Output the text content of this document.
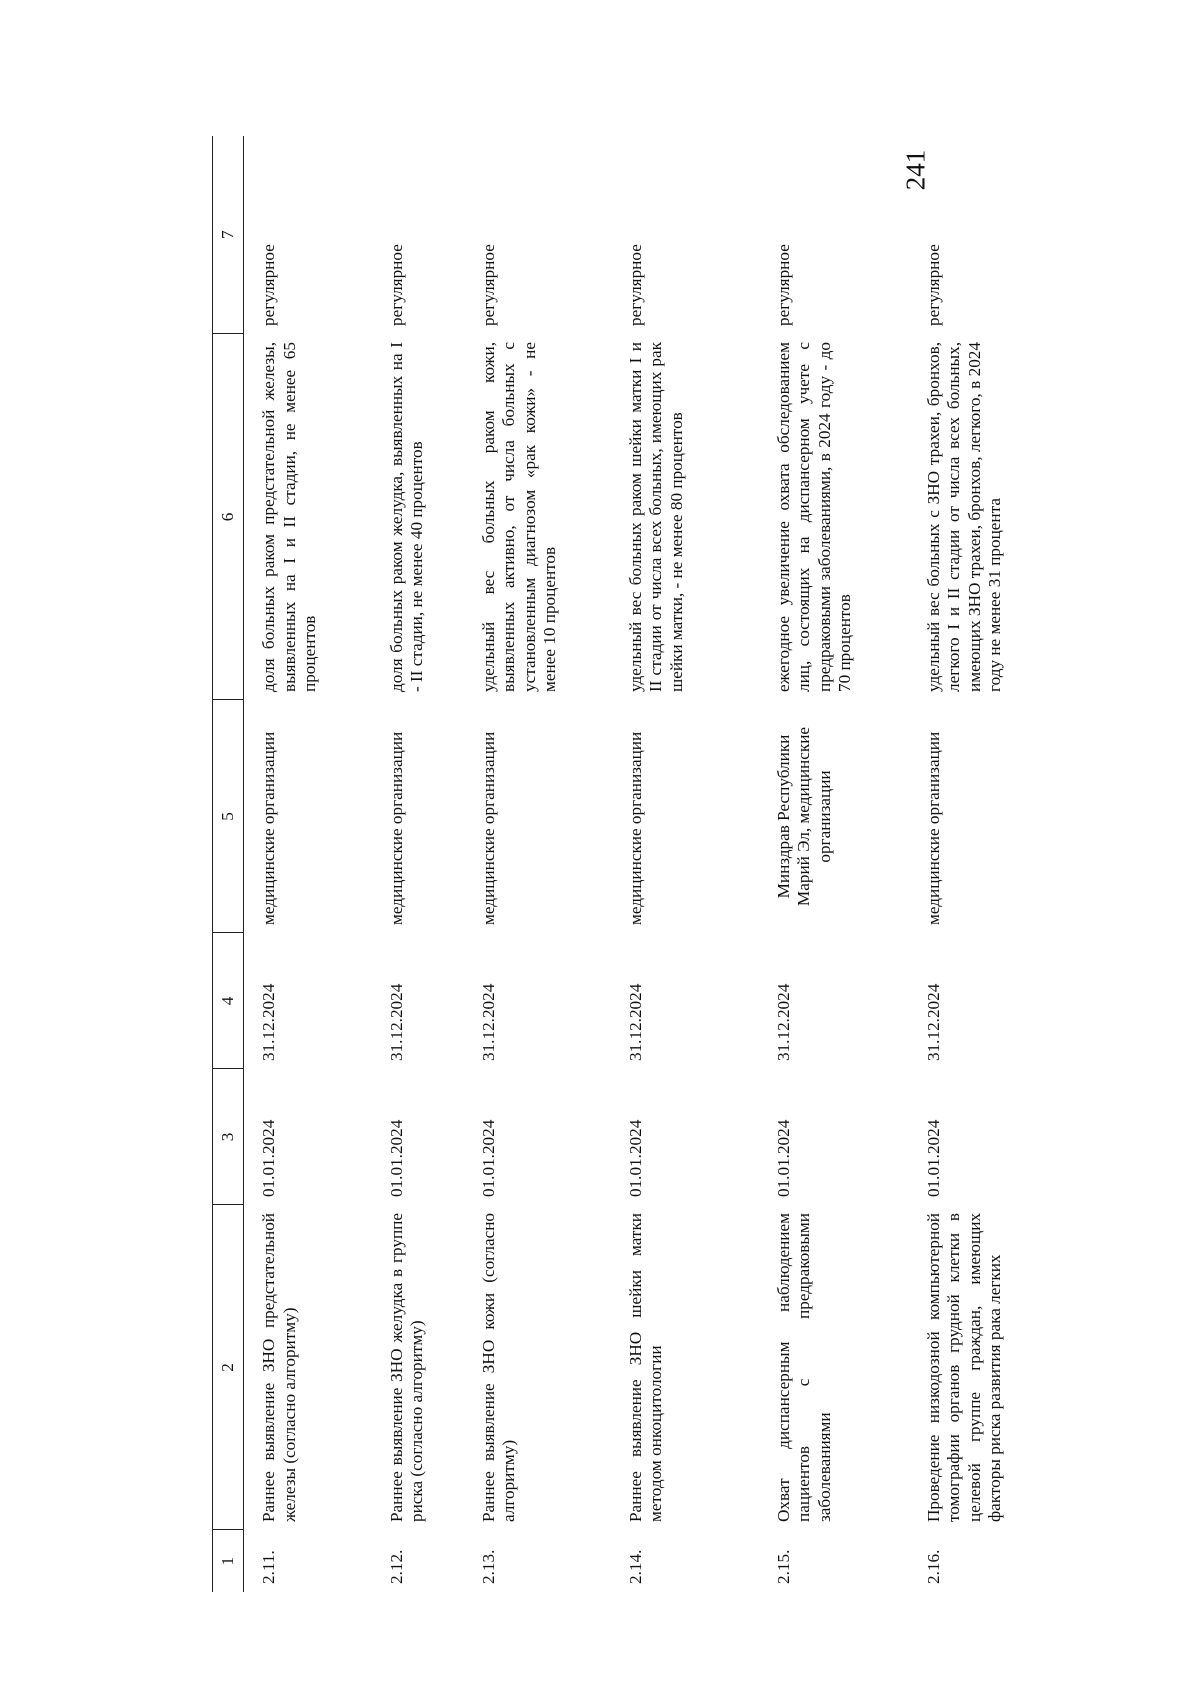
241
1	2	3	4	5	6	7
2.11.	Раннее выявление ЗНО предстательной железы (согласно алгоритму)	01.01.2024	31.12.2024	медицинские организации	доля больных раком предстательной железы, выявленных на I и II стадии, не менее 65 процентов	регулярное
2.12.	Раннее выявление ЗНО желудка в группе риска (согласно алгоритму)	01.01.2024	31.12.2024	медицинские организации	доля больных раком желудка, выявленных на I - II стадии, не менее 40 процентов	регулярное
2.13.	Раннее выявление ЗНО кожи (согласно алгоритму)	01.01.2024	31.12.2024	медицинские организации	удельный вес больных раком кожи, выявленных активно, от числа больных с установленным диагнозом «рак кожи» - не менее 10 процентов	регулярное
2.14.	Раннее выявление ЗНО шейки матки методом онкоцитологии	01.01.2024	31.12.2024	медицинские организации	удельный вес больных раком шейки матки I и II стадии от числа всех больных, имеющих рак шейки матки, - не менее 80 процентов	регулярное
2.15.	Охват диспансерным наблюдением пациентов с предраковыми заболеваниями	01.01.2024	31.12.2024	Минздрав Республики Марий Эл, медицинские организации	ежегодное увеличение охвата обследованием лиц, состоящих на диспансерном учете с предраковыми заболеваниями, в 2024 году - до 70 процентов	регулярное
2.16.	Проведение низкодозной компьютерной томографии органов грудной клетки в целевой группе граждан, имеющих факторы риска развития рака легких	01.01.2024	31.12.2024	медицинские организации	удельный вес больных с ЗНО трахеи, бронхов, легкого I и II стадии от числа всех больных, имеющих ЗНО трахеи, бронхов, легкого, в 2024 году не менее 31 процента	регулярное
